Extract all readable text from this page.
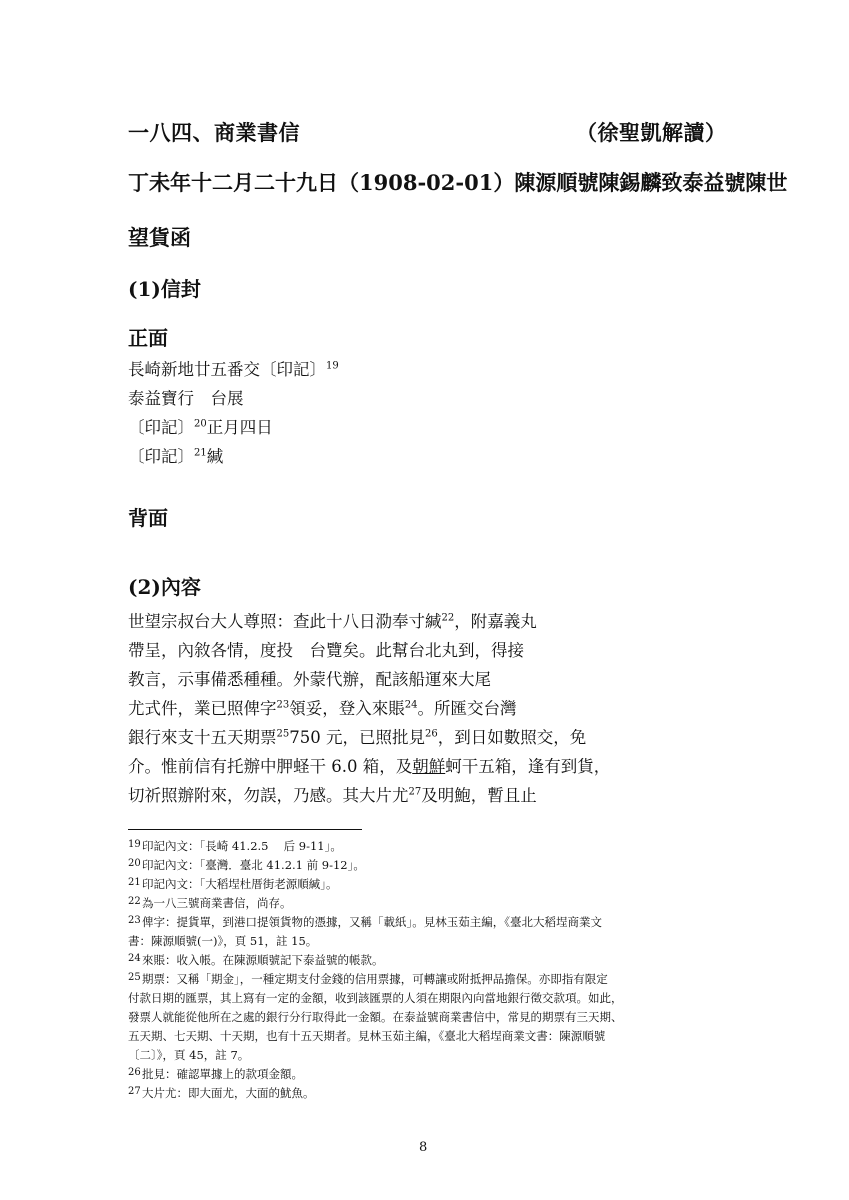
一八四、商業書信	（徐聖凱解讀）
丁未年十二月二十九日（1908-02-01）陳源順號陳錫麟致泰益號陳世
望貨函
(1)信封
正面
長崎新地廿五番交〔印記〕$^{19}$
泰益寶行　台展
〔印記〕$^{20}$正月四日
〔印記〕$^{21}$緘
背面
(2)內容
世望宗叔台大人尊照：查此十八日泐奉寸緘$^{22}$，附嘉義丸
帶呈，內敘各情，度投　台覽矣。此幫台北丸到，得接
教言，示事備悉種種。外蒙代辦，配該船運來大尾
尤式件，業已照俾字$^{23}$領妥，登入來賬$^{24}$。所匯交台灣
銀行來支十五天期票$^{25}$750 元，已照批見$^{26}$，到日如數照交，免
介。惟前信有托辦中胛蛏干 6.0 箱，及朝鮮蚵干五箱，逢有到貨，
切祈照辦附來，勿誤，乃感。其大片尤$^{27}$及明鮑，暫且止
19印記內文：「長崎 41.2.5　 后 9-11」。
20印記內文：「臺灣．臺北 41.2.1 前 9-12」。
21印記內文：「大稻埕杜厝街老源順緘」。
22為一八三號商業書信，尚存。
23俾字：提貨單，到港口提領貨物的憑據，又稱「載紙」。見林玉茹主編，《臺北大稻埕商業文
書：陳源順號(一)》，頁 51，註 15。
24來賬：收入帳。在陳源順號記下泰益號的帳款。
25期票：又稱「期金」，一種定期支付金錢的信用票據，可轉讓或附抵押品擔保。亦即指有限定
付款日期的匯票，其上寫有一定的金額，收到該匯票的人須在期限內向當地銀行徵交款項。如此，
發票人就能從他所在之處的銀行分行取得此一金額。在泰益號商業書信中，常見的期票有三天期、
五天期、七天期、十天期，也有十五天期者。見林玉茹主編，《臺北大稻埕商業文書：陳源順號
〔二〕》，頁 45，註 7。
26批見：確認單據上的款項金額。
27大片尤：即大面尤，大面的魷魚。
8
